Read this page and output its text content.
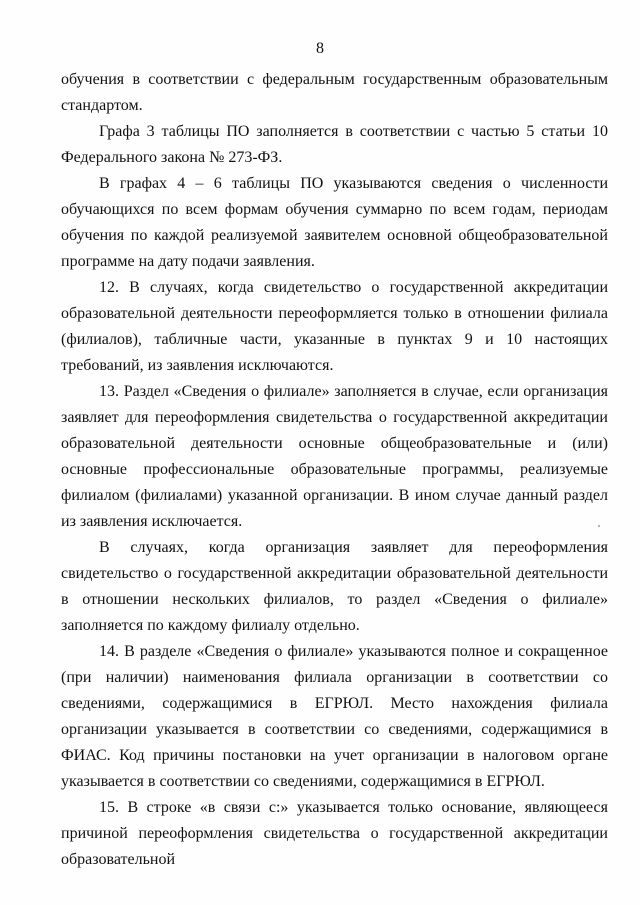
8

обучения в соответствии с федеральным государственным образовательным стандартом.

Графа 3 таблицы ПО заполняется в соответствии с частью 5 статьи 10 Федерального закона № 273-ФЗ.

В графах 4 – 6 таблицы ПО указываются сведения о численности обучающихся по всем формам обучения суммарно по всем годам, периодам обучения по каждой реализуемой заявителем основной общеобразовательной программе на дату подачи заявления.

12. В случаях, когда свидетельство о государственной аккредитации образовательной деятельности переоформляется только в отношении филиала (филиалов), табличные части, указанные в пунктах 9 и 10 настоящих требований, из заявления исключаются.

13. Раздел «Сведения о филиале» заполняется в случае, если организация заявляет для переоформления свидетельства о государственной аккредитации образовательной деятельности основные общеобразовательные и (или) основные профессиональные образовательные программы, реализуемые филиалом (филиалами) указанной организации. В ином случае данный раздел из заявления исключается.

В случаях, когда организация заявляет для переоформления свидетельство о государственной аккредитации образовательной деятельности в отношении нескольких филиалов, то раздел «Сведения о филиале» заполняется по каждому филиалу отдельно.

14. В разделе «Сведения о филиале» указываются полное и сокращенное (при наличии) наименования филиала организации в соответствии со сведениями, содержащимися в ЕГРЮЛ. Место нахождения филиала организации указывается в соответствии со сведениями, содержащимися в ФИАС. Код причины постановки на учет организации в налоговом органе указывается в соответствии со сведениями, содержащимися в ЕГРЮЛ.

15. В строке «в связи с:» указывается только основание, являющееся причиной переоформления свидетельства о государственной аккредитации образовательной
